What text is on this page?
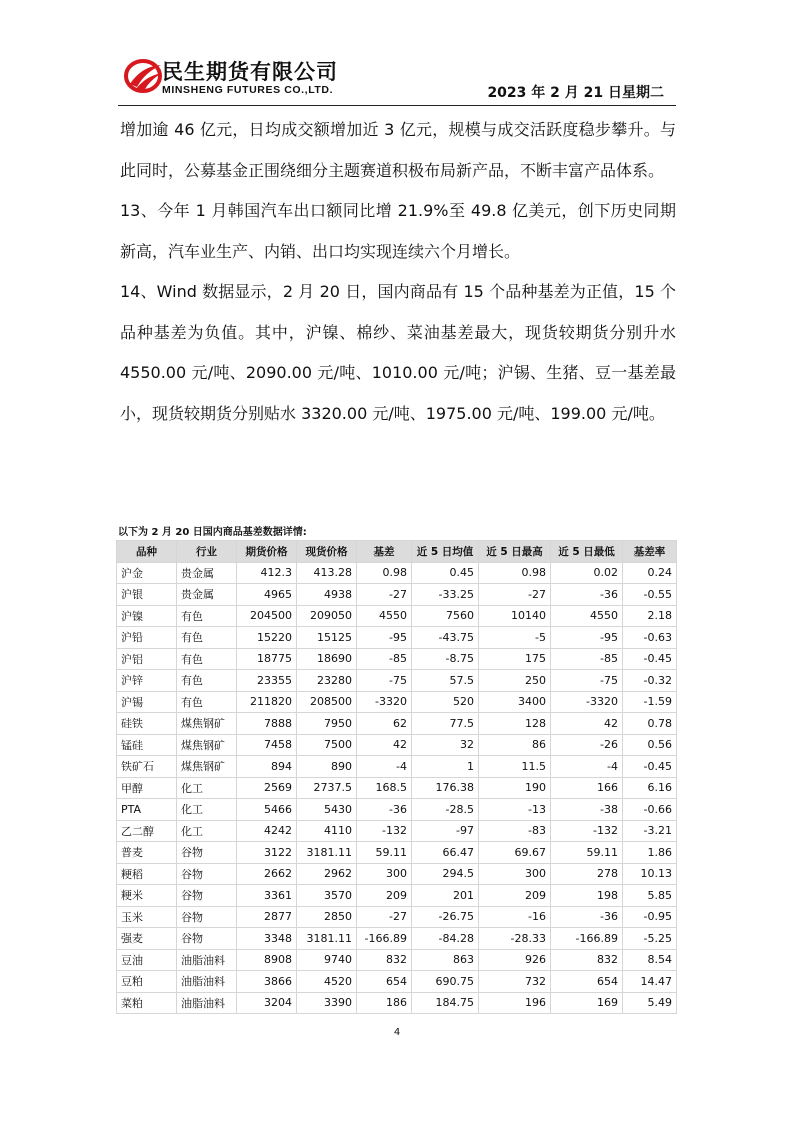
民生期货有限公司
MINSHENG FUTURES CO.,LTD.	2023 年 2 月 21 日星期二

增加逾 46 亿元，日均成交额增加近 3 亿元，规模与成交活跃度稳步攀升。与此同时，公募基金正围绕细分主题赛道积极布局新产品，不断丰富产品体系。

13、今年 1 月韩国汽车出口额同比增 21.9%至 49.8 亿美元，创下历史同期新高，汽车业生产、内销、出口均实现连续六个月增长。

14、Wind 数据显示，2 月 20 日，国内商品有 15 个品种基差为正值，15 个品种基差为负值。其中，沪镍、棉纱、菜油基差最大，现货较期货分别升水 4550.00 元/吨、2090.00 元/吨、1010.00 元/吨；沪锡、生猪、豆一基差最小，现货较期货分别贴水 3320.00 元/吨、1975.00 元/吨、199.00 元/吨。

以下为 2 月 20 日国内商品基差数据详情:
品种	行业	期货价格	现货价格	基差	近 5 日均值	近 5 日最高	近 5 日最低	基差率
沪金	贵金属	412.3	413.28	0.98	0.45	0.98	0.02	0.24
沪银	贵金属	4965	4938	-27	-33.25	-27	-36	-0.55
沪镍	有色	204500	209050	4550	7560	10140	4550	2.18
沪铅	有色	15220	15125	-95	-43.75	-5	-95	-0.63
沪铝	有色	18775	18690	-85	-8.75	175	-85	-0.45
沪锌	有色	23355	23280	-75	57.5	250	-75	-0.32
沪锡	有色	211820	208500	-3320	520	3400	-3320	-1.59
硅铁	煤焦钢矿	7888	7950	62	77.5	128	42	0.78
锰硅	煤焦钢矿	7458	7500	42	32	86	-26	0.56
铁矿石	煤焦钢矿	894	890	-4	1	11.5	-4	-0.45
甲醇	化工	2569	2737.5	168.5	176.38	190	166	6.16
PTA	化工	5466	5430	-36	-28.5	-13	-38	-0.66
乙二醇	化工	4242	4110	-132	-97	-83	-132	-3.21
普麦	谷物	3122	3181.11	59.11	66.47	69.67	59.11	1.86
粳稻	谷物	2662	2962	300	294.5	300	278	10.13
粳米	谷物	3361	3570	209	201	209	198	5.85
玉米	谷物	2877	2850	-27	-26.75	-16	-36	-0.95
强麦	谷物	3348	3181.11	-166.89	-84.28	-28.33	-166.89	-5.25
豆油	油脂油料	8908	9740	832	863	926	832	8.54
豆粕	油脂油料	3866	4520	654	690.75	732	654	14.47
菜粕	油脂油料	3204	3390	186	184.75	196	169	5.49
4
